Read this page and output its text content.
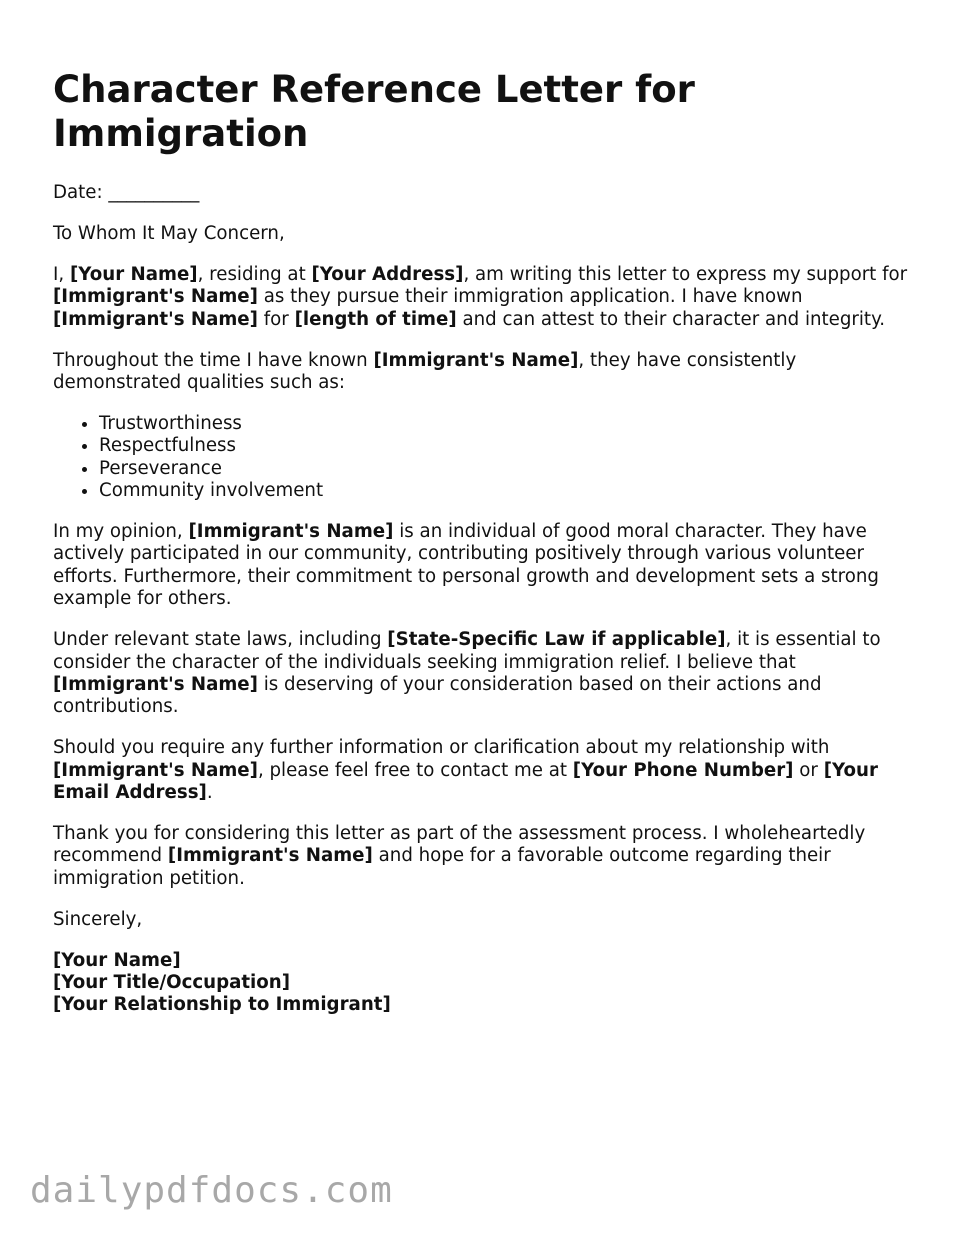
Character Reference Letter for Immigration

Date: __________

To Whom It May Concern,

I, [Your Name], residing at [Your Address], am writing this letter to express my support for [Immigrant's Name] as they pursue their immigration application. I have known [Immigrant's Name] for [length of time] and can attest to their character and integrity.

Throughout the time I have known [Immigrant's Name], they have consistently demonstrated qualities such as:

• Trustworthiness
• Respectfulness
• Perseverance
• Community involvement

In my opinion, [Immigrant's Name] is an individual of good moral character. They have actively participated in our community, contributing positively through various volunteer efforts. Furthermore, their commitment to personal growth and development sets a strong example for others.

Under relevant state laws, including [State-Specific Law if applicable], it is essential to consider the character of the individuals seeking immigration relief. I believe that [Immigrant's Name] is deserving of your consideration based on their actions and contributions.

Should you require any further information or clarification about my relationship with [Immigrant's Name], please feel free to contact me at [Your Phone Number] or [Your Email Address].

Thank you for considering this letter as part of the assessment process. I wholeheartedly recommend [Immigrant's Name] and hope for a favorable outcome regarding their immigration petition.

Sincerely,

[Your Name]
[Your Title/Occupation]
[Your Relationship to Immigrant]
dailypdfdocs.com
